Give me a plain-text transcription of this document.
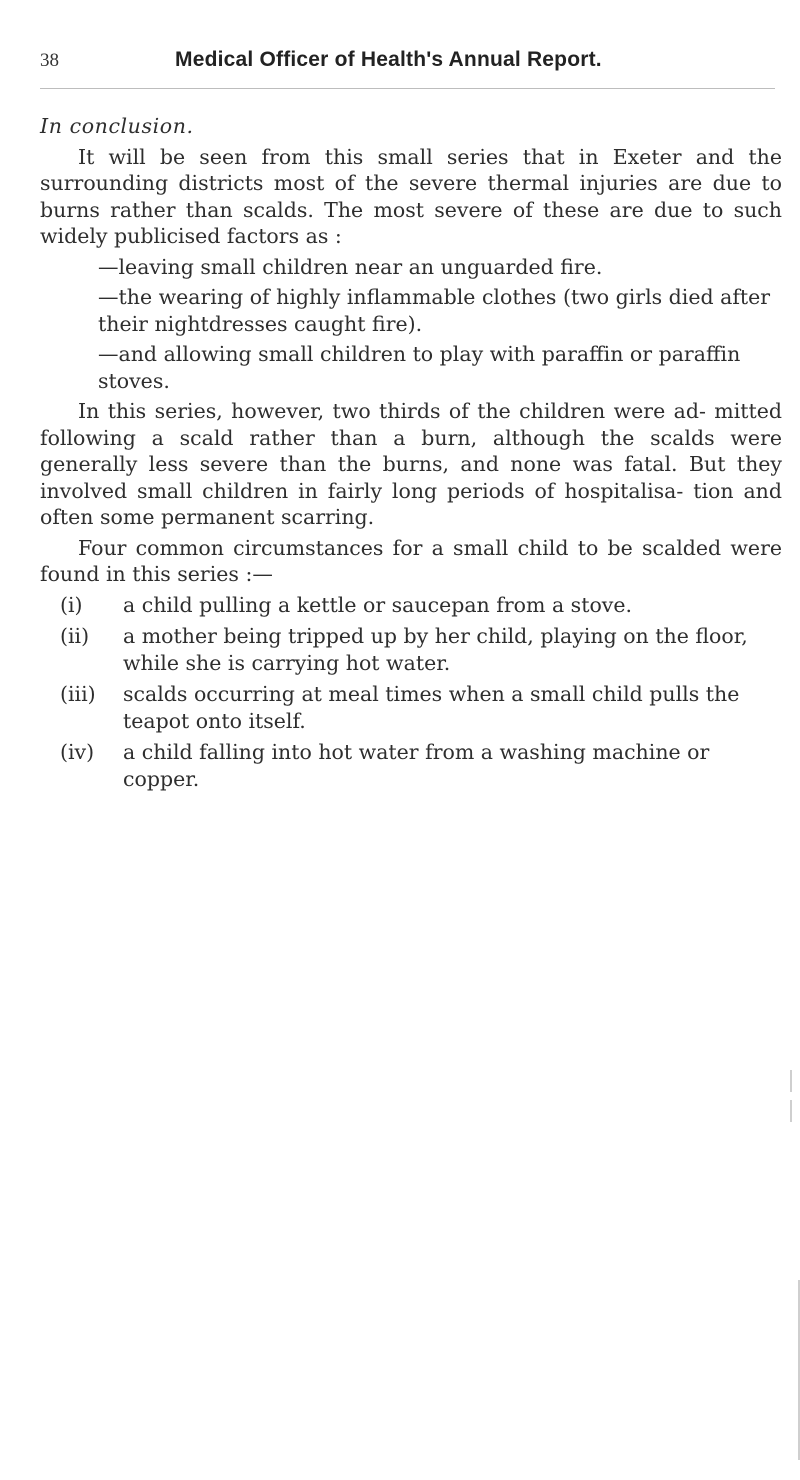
38	Medical Officer of Health's Annual Report.

In conclusion.

It will be seen from this small series that in Exeter and the surrounding districts most of the severe thermal injuries are due to burns rather than scalds. The most severe of these are due to such widely publicised factors as :

—leaving small children near an unguarded fire.
—the wearing of highly inflammable clothes (two girls died after their nightdresses caught fire).
—and allowing small children to play with paraffin or paraffin stoves.

In this series, however, two thirds of the children were ad- mitted following a scald rather than a burn, although the scalds were generally less severe than the burns, and none was fatal. But they involved small children in fairly long periods of hospitalisa- tion and often some permanent scarring.

Four common circumstances for a small child to be scalded were found in this series :—

(i)	a child pulling a kettle or saucepan from a stove.
(ii)	a mother being tripped up by her child, playing on the floor, while she is carrying hot water.
(iii)	scalds occurring at meal times when a small child pulls the teapot onto itself.
(iv)	a child falling into hot water from a washing machine or copper.
